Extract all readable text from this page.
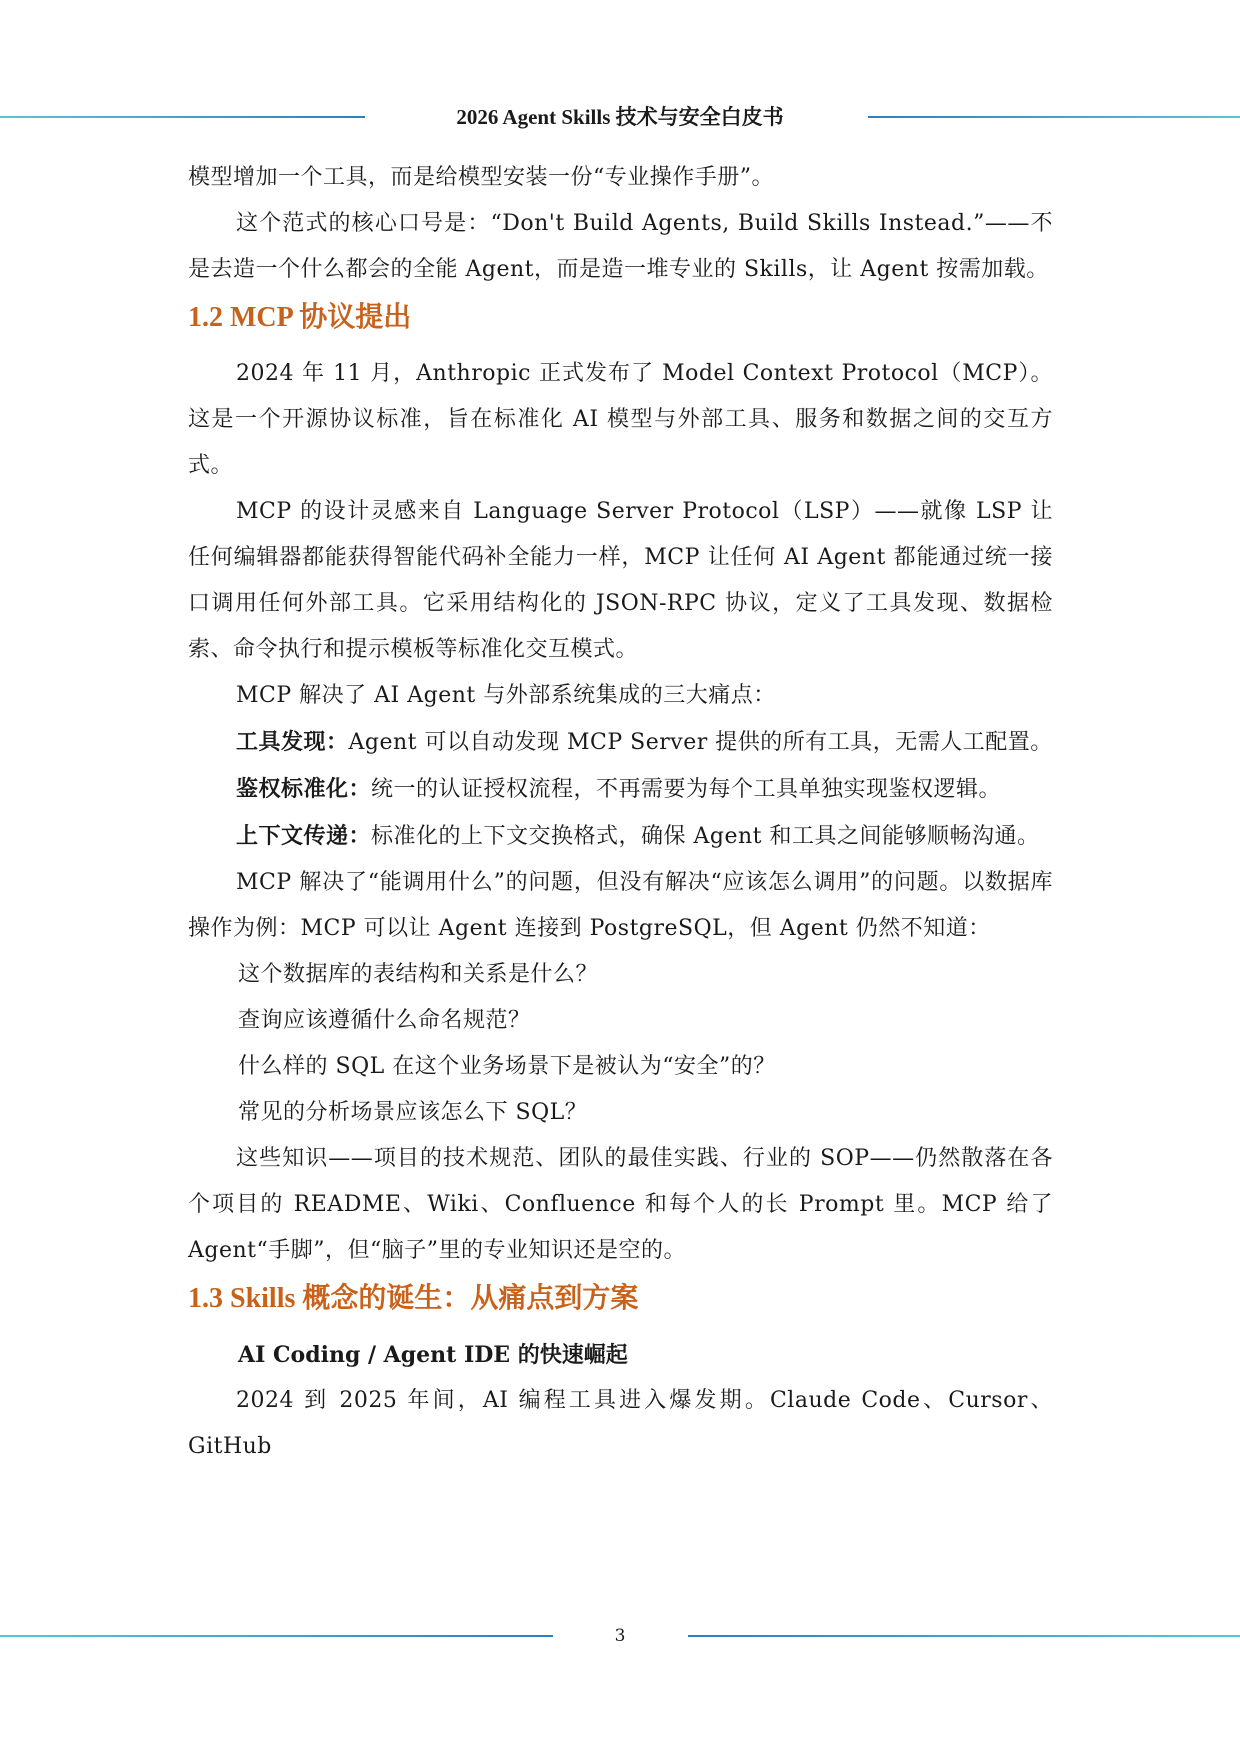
2026 Agent Skills 技术与安全白皮书

模型增加一个工具，而是给模型安装一份“专业操作手册”。

这个范式的核心口号是：“Don't Build Agents, Build Skills Instead.”——不是去造一个什么都会的全能 Agent，而是造一堆专业的 Skills，让 Agent 按需加载。

1.2 MCP 协议提出

2024 年 11 月，Anthropic 正式发布了 Model Context Protocol（MCP）。这是一个开源协议标准，旨在标准化 AI 模型与外部工具、服务和数据之间的交互方式。

MCP 的设计灵感来自 Language Server Protocol（LSP）——就像 LSP 让任何编辑器都能获得智能代码补全能力一样，MCP 让任何 AI Agent 都能通过统一接口调用任何外部工具。它采用结构化的 JSON-RPC 协议，定义了工具发现、数据检索、命令执行和提示模板等标准化交互模式。

MCP 解决了 AI Agent 与外部系统集成的三大痛点：

工具发现：Agent 可以自动发现 MCP Server 提供的所有工具，无需人工配置。

鉴权标准化：统一的认证授权流程，不再需要为每个工具单独实现鉴权逻辑。

上下文传递：标准化的上下文交换格式，确保 Agent 和工具之间能够顺畅沟通。

MCP 解决了“能调用什么”的问题，但没有解决“应该怎么调用”的问题。以数据库操作为例：MCP 可以让 Agent 连接到 PostgreSQL，但 Agent 仍然不知道：

这个数据库的表结构和关系是什么？

查询应该遵循什么命名规范？

什么样的 SQL 在这个业务场景下是被认为“安全”的？

常见的分析场景应该怎么下 SQL？

这些知识——项目的技术规范、团队的最佳实践、行业的 SOP——仍然散落在各个项目的 README、Wiki、Confluence 和每个人的长 Prompt 里。MCP 给了 Agent“手脚”，但“脑子”里的专业知识还是空的。

1.3 Skills 概念的诞生：从痛点到方案
AI Coding / Agent IDE 的快速崛起

2024 到 2025 年间，AI 编程工具进入爆发期。Claude Code、Cursor、GitHub

3
